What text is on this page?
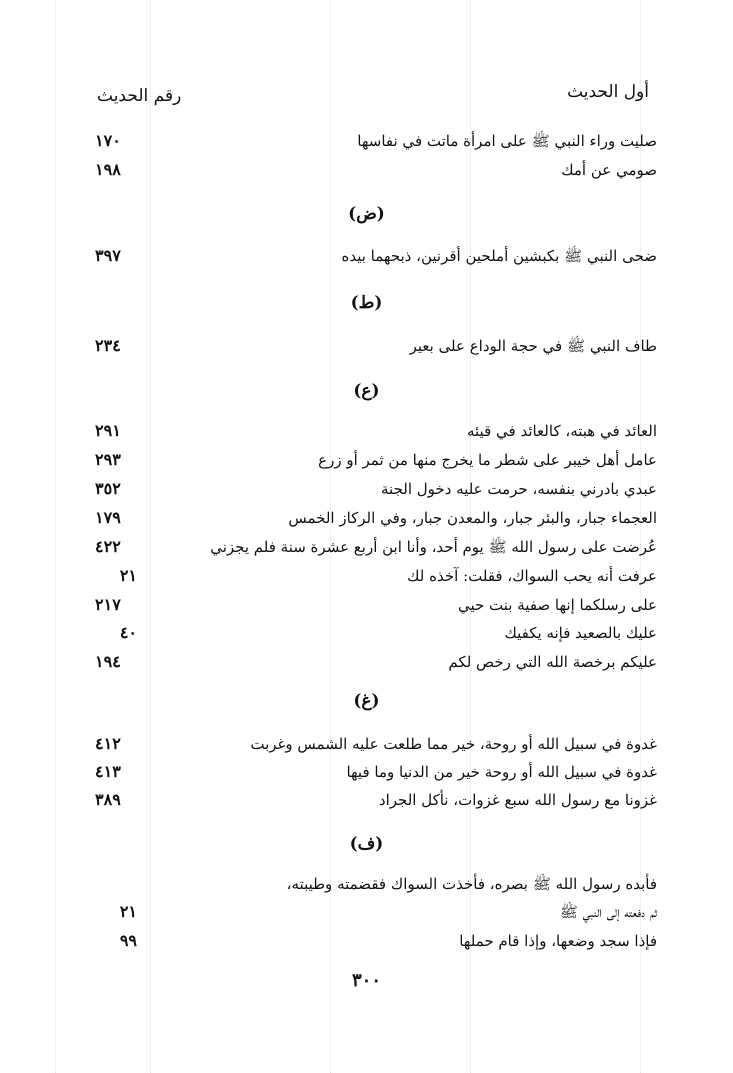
أول الحديث
رقم الحديث
صليت وراء النبي ﷺ على امرأة ماتت في نفاسها
١٧٠
صومي عن أمك
١٩٨
(ض)
ضحى النبي ﷺ بكبشين أملحين أقرنين، ذبحهما بيده
٣٩٧
(ط)
طاف النبي ﷺ في حجة الوداع على بعير
٢٣٤
(ع)
العائد في هبته، كالعائد في قيئه
٢٩١
عامل أهل خيبر على شطر ما يخرج منها من ثمر أو زرع
٢٩٣
عبدي بادرني بنفسه، حرمت عليه دخول الجنة
٣٥٢
العجماء جبار، والبئر جبار، والمعدن جبار، وفي الركاز الخمس
١٧٩
عُرضت على رسول الله ﷺ يوم أحد، وأنا ابن أربع عشرة سنة فلم يجزني
٤٢٢
عرفت أنه يحب السواك، فقلت: آخذه لك
٢١
على رسلكما إنها صفية بنت حيي
٢١٧
عليك بالصعيد فإنه يكفيك
٤٠
عليكم برخصة الله التي رخص لكم
١٩٤
(غ)
غدوة في سبيل الله أو روحة، خير مما طلعت عليه الشمس وغربت
٤١٢
غدوة في سبيل الله أو روحة خير من الدنيا وما فيها
٤١٣
غزونا مع رسول الله سبع غزوات، نأكل الجراد
٣٨٩
(ف)
فأبده رسول الله ﷺ بصره، فأخذت السواك فقضمته وطيبته،
ثم دفعته إلى النبي ﷺ
٢١
فإذا سجد وضعها، وإذا قام حملها
٩٩
٣٠٠
